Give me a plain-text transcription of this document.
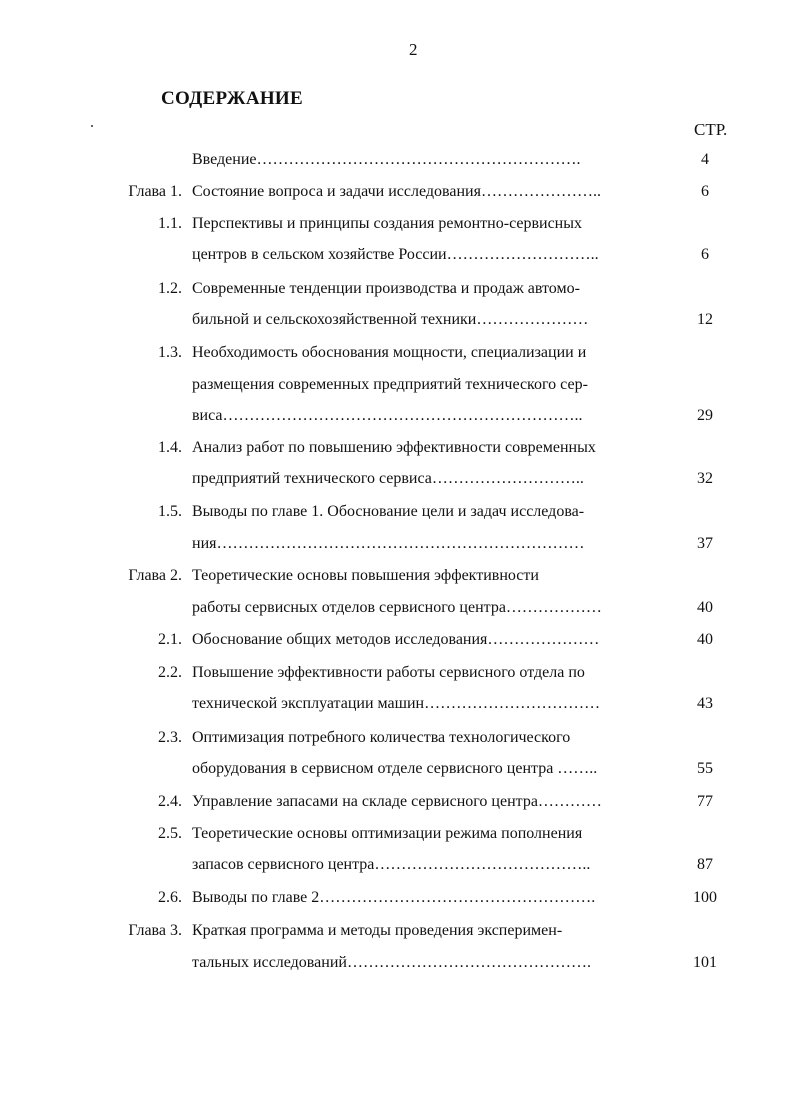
2
СОДЕРЖАНИЕ
СТР.
Введение…………………………………………………….	4
Глава 1. Состояние вопроса и задачи исследования…………………..	6
1.1. Перспективы и принципы создания ремонтно-сервисных
центров в сельском хозяйстве России………………………..	6
1.2. Современные тенденции производства и продаж автомо-
бильной и сельскохозяйственной техники…………………	12
1.3. Необходимость обоснования мощности, специализации и
размещения современных предприятий технического сер-
виса…………………………………………………………..	29
1.4. Анализ работ по повышению эффективности современных
предприятий технического сервиса………………………..	32
1.5. Выводы по главе 1. Обоснование цели и задач исследова-
ния……………………………………………………………	37
Глава 2. Теоретические основы повышения эффективности
работы сервисных отделов сервисного центра………………	40
2.1. Обоснование общих методов исследования…………………	40
2.2. Повышение эффективности работы сервисного отдела по
технической эксплуатации машин……………………………	43
2.3. Оптимизация потребного количества технологического
оборудования в сервисном отделе сервисного центра ……..	55
2.4. Управление запасами на складе сервисного центра…………	77
2.5. Теоретические основы оптимизации режима пополнения
запасов сервисного центра…………………………………..	87
2.6. Выводы по главе 2…………………………………………….	100
Глава 3. Краткая программа и методы проведения эксперимен-
тальных исследований……………………………………….	101
